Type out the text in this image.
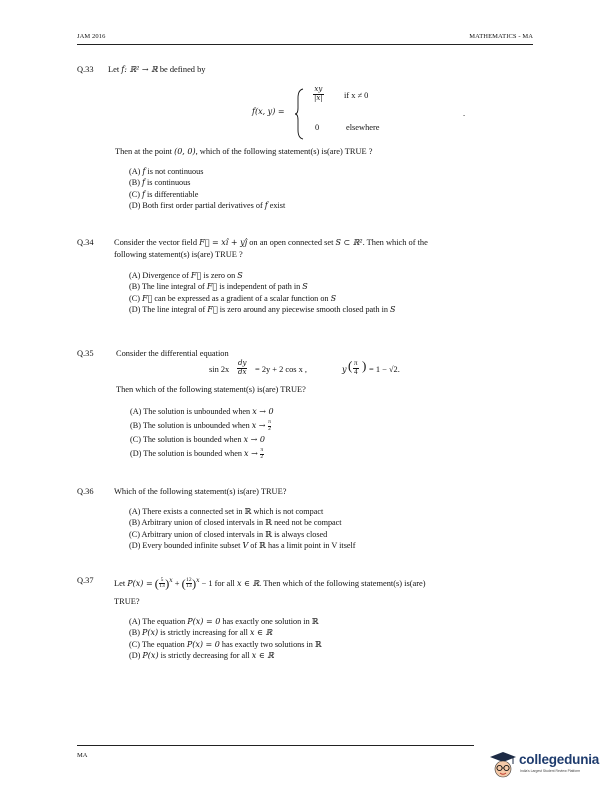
JAM 2016	MATHEMATICS - MA
Q.33 Let f: ℝ² → ℝ be defined by
f(x, y) =
$\frac{xy}{|x|}$ if x ≠ 0
0	elsewhere
.
Then at the point (0, 0), which of the following statement(s) is(are) TRUE ?
(A) f is not continuous
(B) f is continuous
(C) f is differentiable
(D) Both first order partial derivatives of f exist
Q.34 Consider the vector field F⃗ = xî + yĵ on an open connected set S ⊂ ℝ². Then which of the
following statement(s) is(are) TRUE ?
(A) Divergence of F⃗ is zero on S
(B) The line integral of F⃗ is independent of path in S
(C) F⃗ can be expressed as a gradient of a scalar function on S
(D) The line integral of F⃗ is zero around any piecewise smooth closed path in S
Q.35	Consider the differential equation
$\sin 2x \frac{dy}{dx} = 2y + 2$ cos x ,	y ( $\frac{\pi}{4}$ ) = 1 − √2.
Then which of the following statement(s) is(are) TRUE?
(A) The solution is unbounded when x → 0
(B) The solution is unbounded when $x \to \frac{\pi}{2}$
(C) The solution is bounded when x → 0
(D) The solution is bounded when $x \to \frac{\pi}{2}$
Q.36 Which of the following statement(s) is(are) TRUE?
(A) There exists a connected set in ℝ which is not compact
(B) Arbitrary union of closed intervals in ℝ need not be compact
(C) Arbitrary union of closed intervals in ℝ is always closed
(D) Every bounded infinite subset V of ℝ has a limit point in V itself
Q.37 Let P(x) = ( $\frac{5}{13} )^x$ + ( $\frac{12}{13} )^x - 1$ for all x ∈ ℝ. Then which of the following statement(s) is(are)
TRUE?
(A) The equation P(x) = 0 has exactly one solution in ℝ
(B) P(x) is strictly increasing for all x ∈ ℝ
(C) The equation P(x) = 0 has exactly two solutions in ℝ
(D) P(x) is strictly decreasing for all x ∈ ℝ
MA	collegedunia
India's Largest Student Review Platform
